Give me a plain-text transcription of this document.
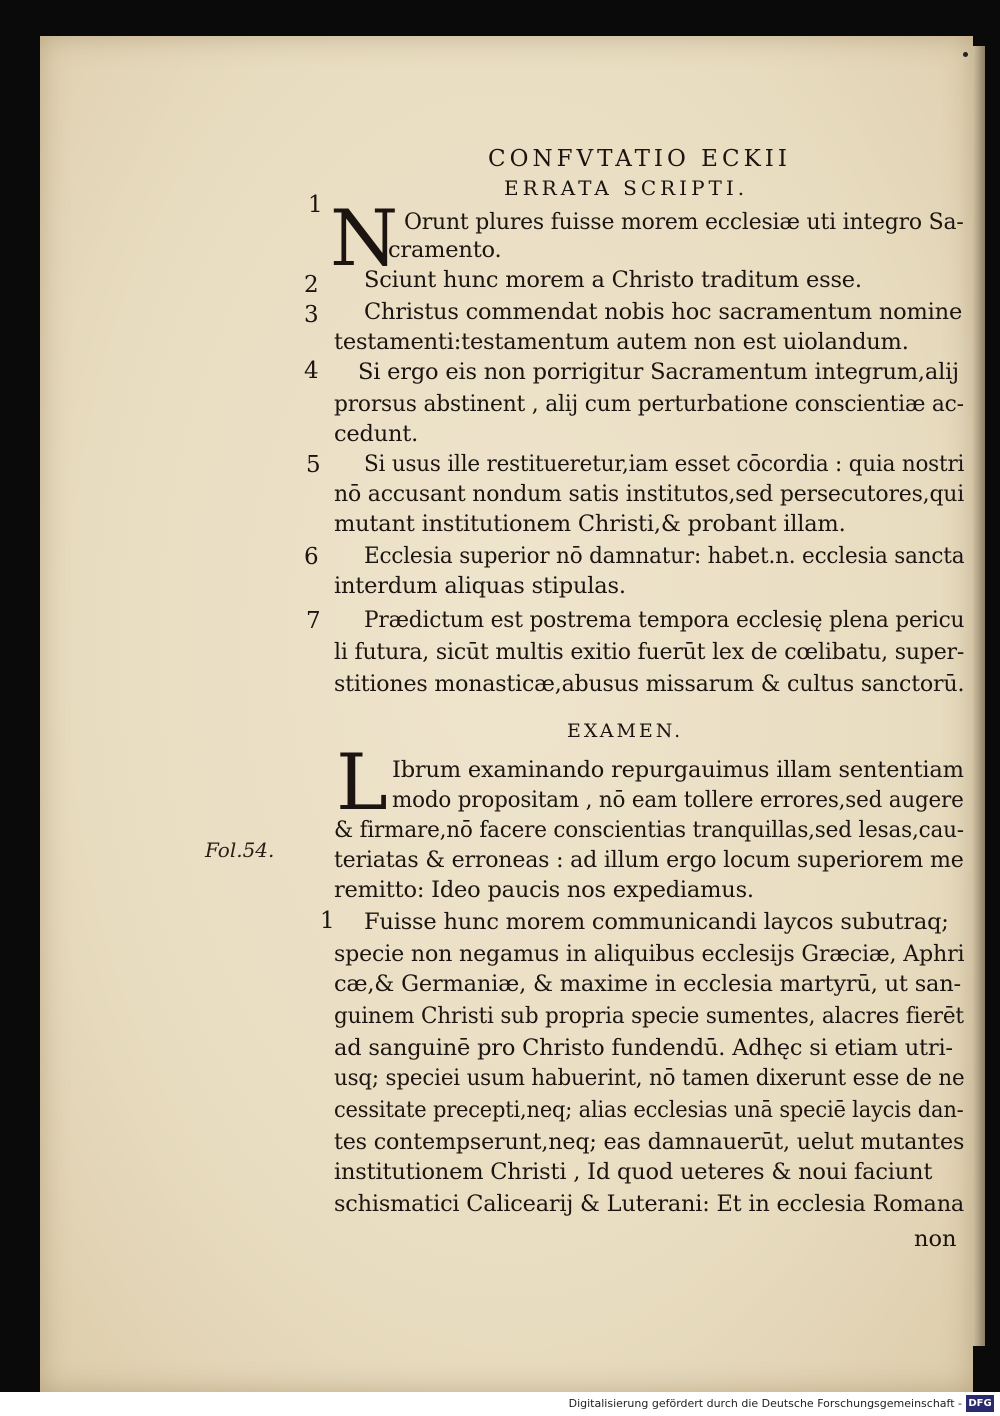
CONFVTATIO ECKII
ERRATA SCRIPTI.
N
1
2
3
4
5
6
7
Orunt plures fuisse morem ecclesiæ uti integro Sa-
cramento.
Sciunt hunc morem a Christo traditum esse.
Christus commendat nobis hoc sacramentum nomine
testamenti:testamentum autem non est uiolandum.
Si ergo eis non porrigitur Sacramentum integrum,alij
prorsus abstinent , alij cum perturbatione conscientiæ ac-
cedunt.
Si usus ille restitueretur,iam esset cōcordia : quia nostri
nō accusant nondum satis institutos,sed persecutores,qui
mutant institutionem Christi,& probant illam.
Ecclesia superior nō damnatur: habet.n. ecclesia sancta
interdum aliquas stipulas.
Prædictum est postrema tempora ecclesię plena pericu
li futura, sicūt multis exitio fuerūt lex de cœlibatu, super-
stitiones monasticæ,abusus missarum & cultus sanctorū.
EXAMEN.
L
Fol.54.
1
Ibrum examinando repurgauimus illam sententiam
modo propositam , nō eam tollere errores,sed augere
& firmare,nō facere conscientias tranquillas,sed lesas,cau-
teriatas & erroneas : ad illum ergo locum superiorem me
remitto: Ideo paucis nos expediamus.
Fuisse hunc morem communicandi laycos subutraq;
specie non negamus in aliquibus ecclesijs Græciæ, Aphri
cæ,& Germaniæ, & maxime in ecclesia martyrū, ut san-
guinem Christi sub propria specie sumentes, alacres fierēt
ad sanguinē pro Christo fundendū. Adhęc si etiam utri-
usq; speciei usum habuerint, nō tamen dixerunt esse de ne
cessitate precepti,neq; alias ecclesias unā speciē laycis dan-
tes contempserunt,neq; eas damnauerūt, uelut mutantes
institutionem Christi , Id quod ueteres & noui faciunt
schismatici Calicearij & Luterani: Et in ecclesia Romana
non
Digitalisierung gefördert durch die Deutsche Forschungsgemeinschaft - DFG
